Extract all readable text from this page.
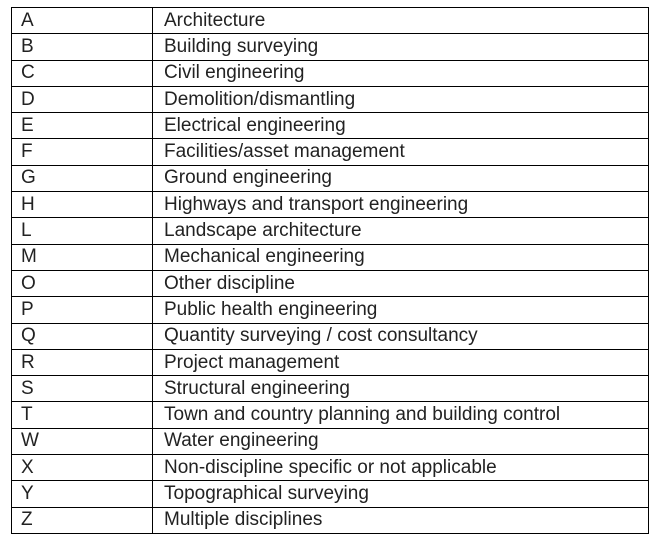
A	Architecture
B	Building surveying
C	Civil engineering
D	Demolition/dismantling
E	Electrical engineering
F	Facilities/asset management
G	Ground engineering
H	Highways and transport engineering
L	Landscape architecture
M	Mechanical engineering
O	Other discipline
P	Public health engineering
Q	Quantity surveying / cost consultancy
R	Project management
S	Structural engineering
T	Town and country planning and building control
W	Water engineering
X	Non-discipline specific or not applicable
Y	Topographical surveying
Z	Multiple disciplines
